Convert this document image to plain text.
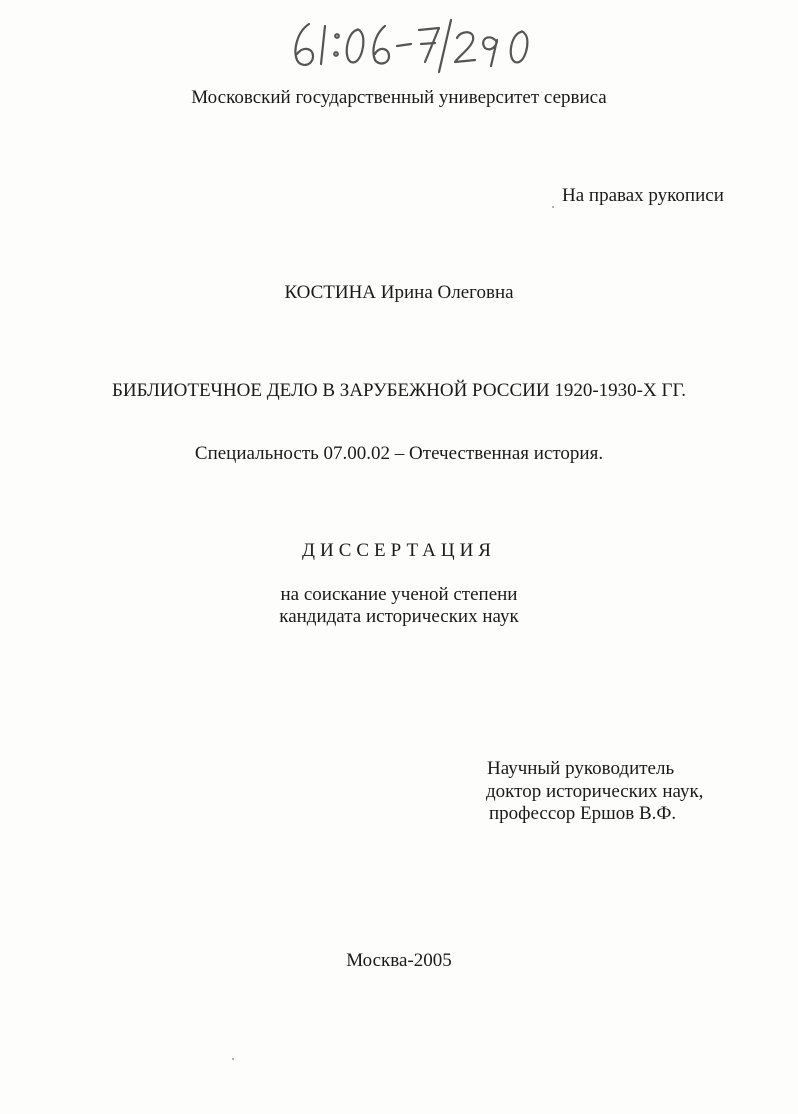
Московский государственный университет сервиса
На правах рукописи
КОСТИНА Ирина Олеговна
БИБЛИОТЕЧНОЕ ДЕЛО В ЗАРУБЕЖНОЙ РОССИИ 1920-1930-Х ГГ.
Специальность 07.00.02 – Отечественная история.
ДИССЕРТАЦИЯ
на соискание ученой степени
кандидата исторических наук
Научный руководитель
доктор исторических наук,
профессор Ершов В.Ф.
Москва-2005
